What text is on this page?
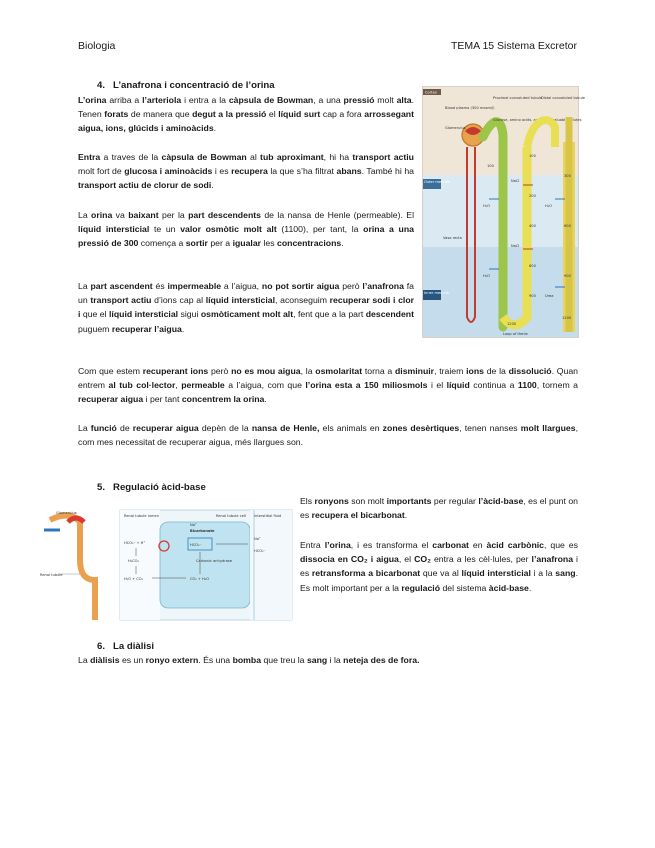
Biologia	TEMA 15 Sistema Excretor
4. L’anafrona i concentració de l’orina
L’orina arriba a l’arteriola i entra a la càpsula de Bowman, a una pressió molt alta. Tenen forats de manera que degut a la pressió el líquid surt cap a fora arrossegant aigua, ions, glúcids i aminoàcids.
Entra a traves de la càpsula de Bowman al tub aproximant, hi ha transport actiu molt fort de glucosa i aminoàcids i es recupera la que s’ha filtrat abans. També hi ha transport actiu de clorur de sodi.
La orina va baixant per la part descendents de la nansa de Henle (permeable). El líquid intersticial te un valor osmòtic molt alt (1100), per tant, la orina a una pressió de 300 comença a sortir per a igualar les concentracions.
La part ascendent és impermeable a l’aigua, no pot sortir aigua però l’anafrona fa un transport actiu d’ions cap al líquid intersticial, aconseguim recuperar sodi i clor i que el líquid intersticial sigui osmòticament molt alt, fent que a la part descendent puguem recuperar l’aigua.
Com que estem recuperant ions però no es mou aigua, la osmolaritat torna a disminuir, traiem ions de la dissolució. Quan entrem al tub col·lector, permeable a l’aigua, com que l’orina esta a 150 miliosmols i el líquid continua a 1100, tornem a recuperar aigua i per tant concentrem la orina.
La funció de recuperar aigua depèn de la nansa de Henle, els animals en zones desèrtiques, tenen nanses molt llargues, com mes necessitat de recuperar aigua, més llargues son.
Cortex
Outer medulla
Inner medulla
Glomerulus
Blood plasma (300 mosm/l)
Proximal convoluted tubule
Glucose, amino acids, and other valuable solutes
Distal convoluted tubule
Loop of Henle
Vasa recta
100
100
200
400
600
900
1200
300
600
900
1200
NaCl
NaCl
H₂O
H₂O
H₂O
Urea
5. Regulació àcid-base
Glomerulus
Renal tubule
Renal tubule lumen	Renal tubule cell Interstitial fluid
Bicarbonate
HCO₃⁻ + H⁺
H₂CO₃
H₂O + CO₂	CO₂ + H₂O
Carbonic anhydrase
HCO₃⁻
Na⁺
HCO₃⁻
Na⁺
Els ronyons son molt importants per regular l’àcid-base, es el punt on es recupera el bicarbonat.
Entra l’orina, i es transforma el carbonat en àcid carbònic, que es dissocia en CO₂ i aigua, el CO₂ entra a les cèl·lules, per l’anafrona i es retransforma a bicarbonat que va al líquid intersticial i a la sang. Es molt important per a la regulació del sistema àcid-base.
6. La diàlisi
La diàlisis es un ronyo extern. És una bomba que treu la sang i la neteja des de fora.
